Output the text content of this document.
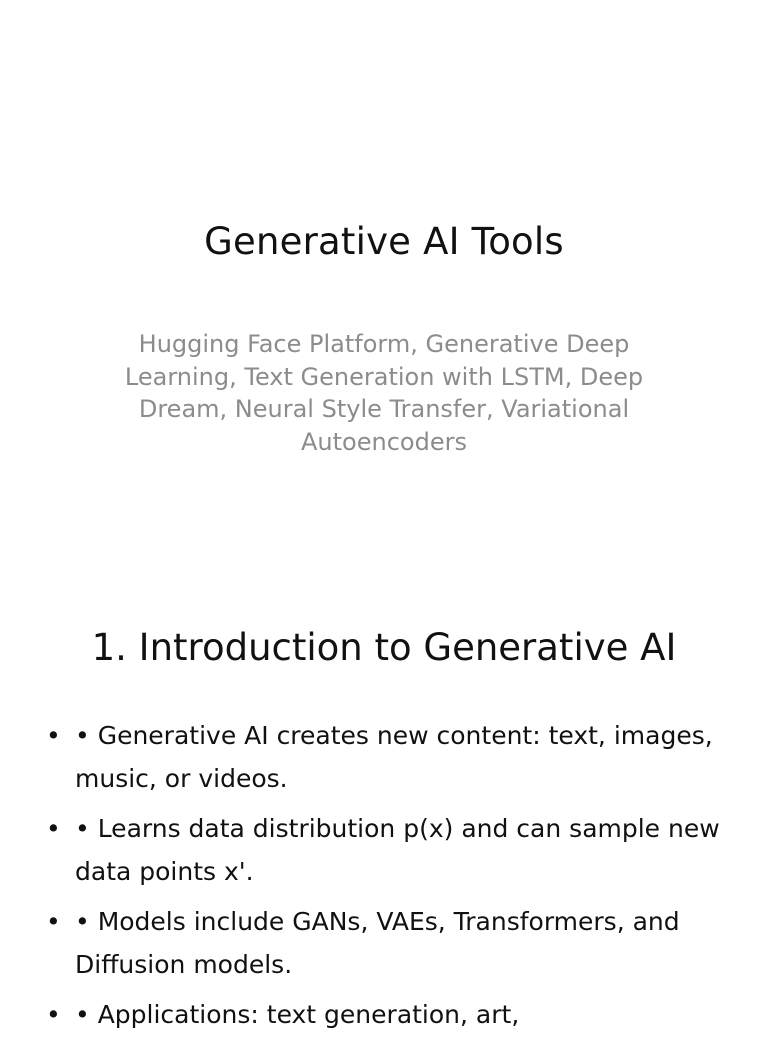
Generative AI Tools

Hugging Face Platform, Generative Deep Learning, Text Generation with LSTM, Deep Dream, Neural Style Transfer, Variational Autoencoders

1. Introduction to Generative AI
• • Generative AI creates new content: text, images, music, or videos.
• • Learns data distribution p(x) and can sample new data points x'.
• • Models include GANs, VAEs, Transformers, and Diffusion models.
• • Applications: text generation, art,
